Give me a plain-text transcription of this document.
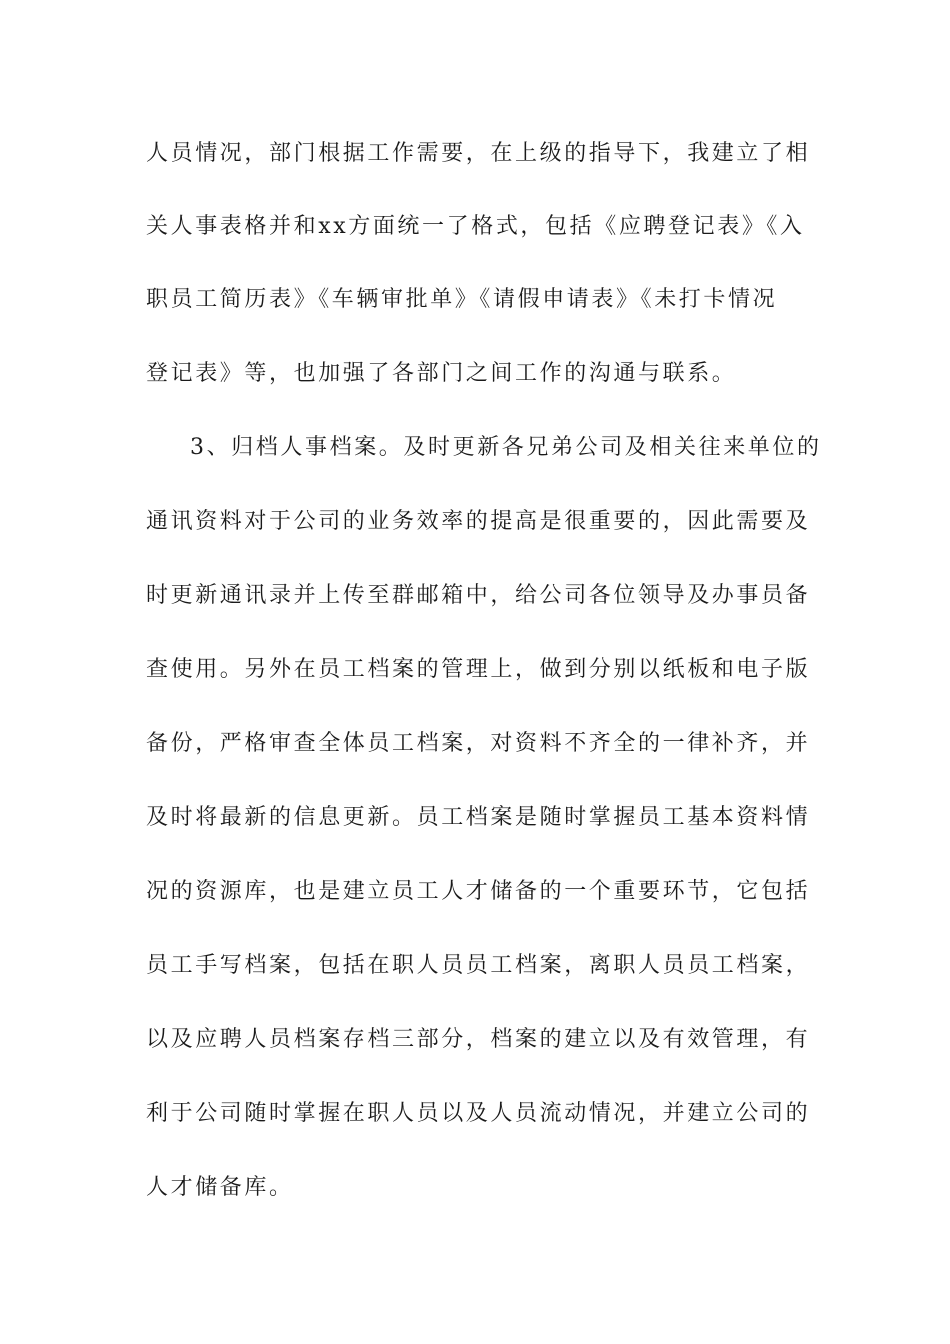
人员情况，部门根据工作需要，在上级的指导下，我建立了相
关人事表格并和xx方面统一了格式，包括《应聘登记表》《入
职员工简历表》《车辆审批单》《请假申请表》《未打卡情况
登记表》等，也加强了各部门之间工作的沟通与联系。
3、归档人事档案。及时更新各兄弟公司及相关往来单位的
通讯资料对于公司的业务效率的提高是很重要的，因此需要及
时更新通讯录并上传至群邮箱中，给公司各位领导及办事员备
查使用。另外在员工档案的管理上，做到分别以纸板和电子版
备份，严格审查全体员工档案，对资料不齐全的一律补齐，并
及时将最新的信息更新。员工档案是随时掌握员工基本资料情
况的资源库，也是建立员工人才储备的一个重要环节，它包括
员工手写档案，包括在职人员员工档案，离职人员员工档案，
以及应聘人员档案存档三部分，档案的建立以及有效管理，有
利于公司随时掌握在职人员以及人员流动情况，并建立公司的
人才储备库。
